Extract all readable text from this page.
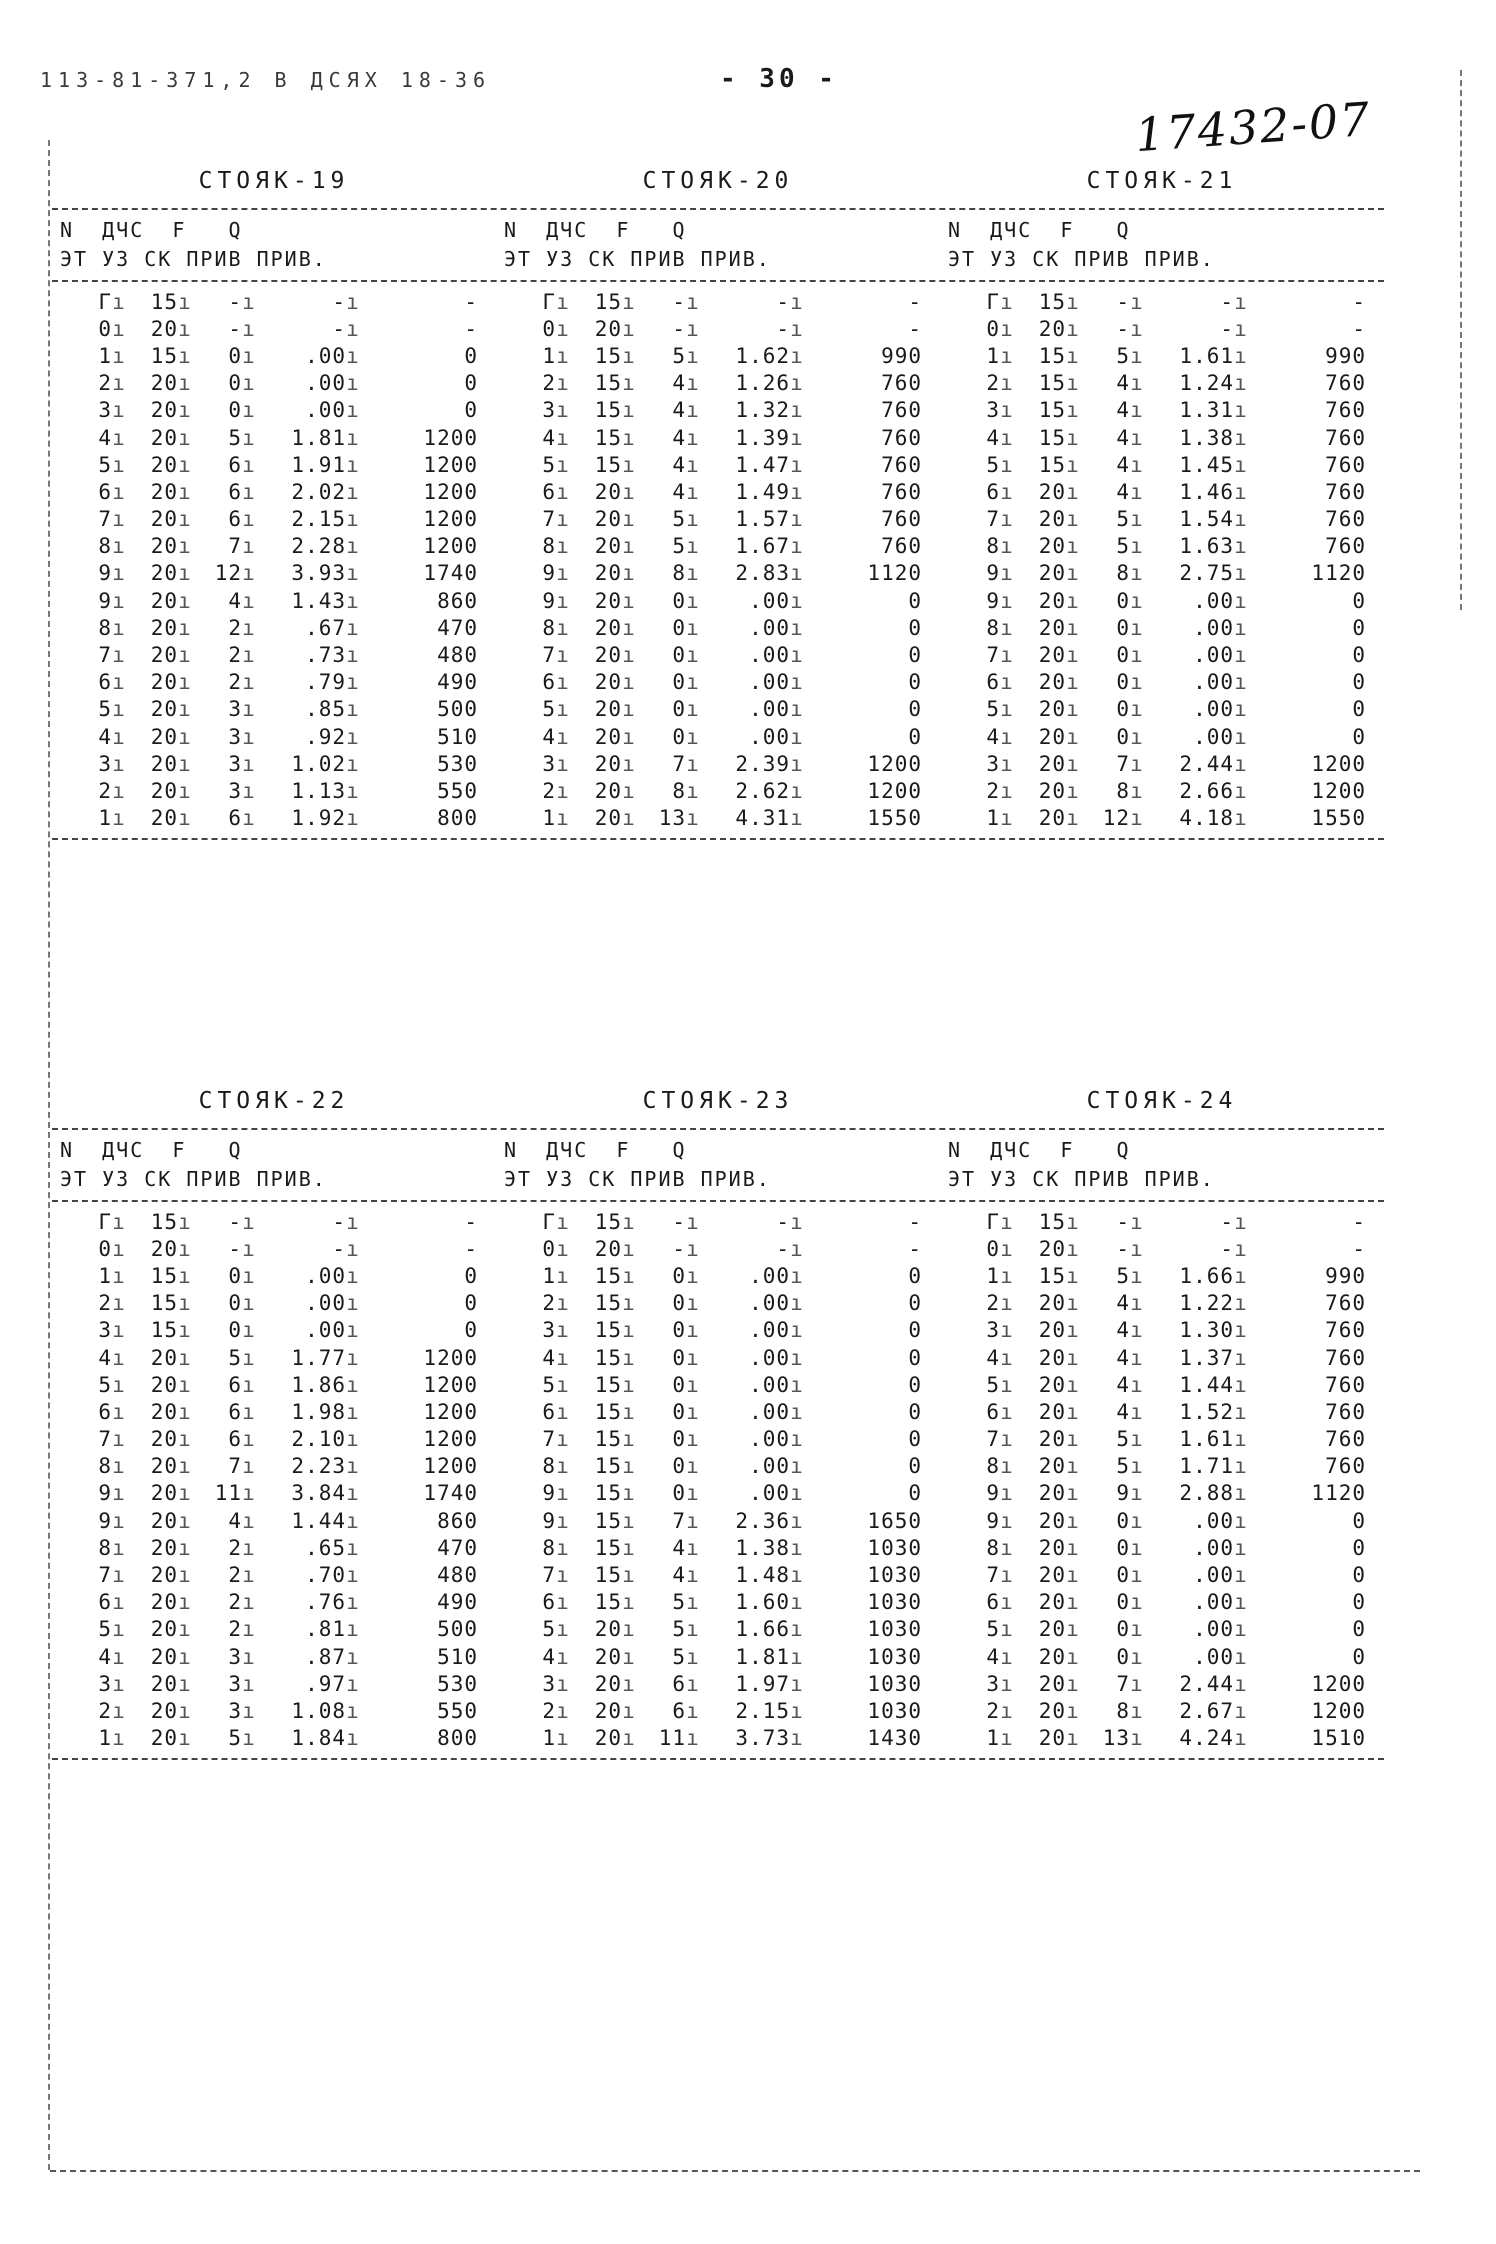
113-81-371,2 В ДСЯХ 18-36	- 30 -
17432-07
СТОЯК-19	СТОЯК-20	СТОЯК-21
N  ДЧС  F   Q
ЭТ УЗ СК ПРИВ ПРИВ.
N  ДЧС  F   Q
ЭТ УЗ СК ПРИВ ПРИВ.
N  ДЧС  F   Q
ЭТ УЗ СК ПРИВ ПРИВ.
Г ı	15 ı	- ı	- ı	-
0 ı	20 ı	- ı	- ı	-
1 ı	15 ı	0 ı	.00 ı	0
2 ı	20 ı	0 ı	.00 ı	0
3 ı	20 ı	0 ı	.00 ı	0
4 ı	20 ı	5 ı	1.81 ı	1200
5 ı	20 ı	6 ı	1.91 ı	1200
6 ı	20 ı	6 ı	2.02 ı	1200
7 ı	20 ı	6 ı	2.15 ı	1200
8 ı	20 ı	7 ı	2.28 ı	1200
9 ı	20 ı	12 ı	3.93 ı	1740
9 ı	20 ı	4 ı	1.43 ı	860
8 ı	20 ı	2 ı	.67 ı	470
7 ı	20 ı	2 ı	.73 ı	480
6 ı	20 ı	2 ı	.79 ı	490
5 ı	20 ı	3 ı	.85 ı	500
4 ı	20 ı	3 ı	.92 ı	510
3 ı	20 ı	3 ı	1.02 ı	530
2 ı	20 ı	3 ı	1.13 ı	550
1 ı	20 ı	6 ı	1.92 ı	800
Г ı	15 ı	- ı	- ı	-
0 ı	20 ı	- ı	- ı	-
1 ı	15 ı	5 ı	1.62 ı	990
2 ı	15 ı	4 ı	1.26 ı	760
3 ı	15 ı	4 ı	1.32 ı	760
4 ı	15 ı	4 ı	1.39 ı	760
5 ı	15 ı	4 ı	1.47 ı	760
6 ı	20 ı	4 ı	1.49 ı	760
7 ı	20 ı	5 ı	1.57 ı	760
8 ı	20 ı	5 ı	1.67 ı	760
9 ı	20 ı	8 ı	2.83 ı	1120
9 ı	20 ı	0 ı	.00 ı	0
8 ı	20 ı	0 ı	.00 ı	0
7 ı	20 ı	0 ı	.00 ı	0
6 ı	20 ı	0 ı	.00 ı	0
5 ı	20 ı	0 ı	.00 ı	0
4 ı	20 ı	0 ı	.00 ı	0
3 ı	20 ı	7 ı	2.39 ı	1200
2 ı	20 ı	8 ı	2.62 ı	1200
1 ı	20 ı	13 ı	4.31 ı	1550
Г ı	15 ı	- ı	- ı	-
0 ı	20 ı	- ı	- ı	-
1 ı	15 ı	5 ı	1.61 ı	990
2 ı	15 ı	4 ı	1.24 ı	760
3 ı	15 ı	4 ı	1.31 ı	760
4 ı	15 ı	4 ı	1.38 ı	760
5 ı	15 ı	4 ı	1.45 ı	760
6 ı	20 ı	4 ı	1.46 ı	760
7 ı	20 ı	5 ı	1.54 ı	760
8 ı	20 ı	5 ı	1.63 ı	760
9 ı	20 ı	8 ı	2.75 ı	1120
9 ı	20 ı	0 ı	.00 ı	0
8 ı	20 ı	0 ı	.00 ı	0
7 ı	20 ı	0 ı	.00 ı	0
6 ı	20 ı	0 ı	.00 ı	0
5 ı	20 ı	0 ı	.00 ı	0
4 ı	20 ı	0 ı	.00 ı	0
3 ı	20 ı	7 ı	2.44 ı	1200
2 ı	20 ı	8 ı	2.66 ı	1200
1 ı	20 ı	12 ı	4.18 ı	1550
СТОЯК-22	СТОЯК-23	СТОЯК-24
N  ДЧС  F   Q
ЭТ УЗ СК ПРИВ ПРИВ.
N  ДЧС  F   Q
ЭТ УЗ СК ПРИВ ПРИВ.
N  ДЧС  F   Q
ЭТ УЗ СК ПРИВ ПРИВ.
Г ı	15 ı	- ı	- ı	-
0 ı	20 ı	- ı	- ı	-
1 ı	15 ı	0 ı	.00 ı	0
2 ı	15 ı	0 ı	.00 ı	0
3 ı	15 ı	0 ı	.00 ı	0
4 ı	20 ı	5 ı	1.77 ı	1200
5 ı	20 ı	6 ı	1.86 ı	1200
6 ı	20 ı	6 ı	1.98 ı	1200
7 ı	20 ı	6 ı	2.10 ı	1200
8 ı	20 ı	7 ı	2.23 ı	1200
9 ı	20 ı	11 ı	3.84 ı	1740
9 ı	20 ı	4 ı	1.44 ı	860
8 ı	20 ı	2 ı	.65 ı	470
7 ı	20 ı	2 ı	.70 ı	480
6 ı	20 ı	2 ı	.76 ı	490
5 ı	20 ı	2 ı	.81 ı	500
4 ı	20 ı	3 ı	.87 ı	510
3 ı	20 ı	3 ı	.97 ı	530
2 ı	20 ı	3 ı	1.08 ı	550
1 ı	20 ı	5 ı	1.84 ı	800
Г ı	15 ı	- ı	- ı	-
0 ı	20 ı	- ı	- ı	-
1 ı	15 ı	0 ı	.00 ı	0
2 ı	15 ı	0 ı	.00 ı	0
3 ı	15 ı	0 ı	.00 ı	0
4 ı	15 ı	0 ı	.00 ı	0
5 ı	15 ı	0 ı	.00 ı	0
6 ı	15 ı	0 ı	.00 ı	0
7 ı	15 ı	0 ı	.00 ı	0
8 ı	15 ı	0 ı	.00 ı	0
9 ı	15 ı	0 ı	.00 ı	0
9 ı	15 ı	7 ı	2.36 ı	1650
8 ı	15 ı	4 ı	1.38 ı	1030
7 ı	15 ı	4 ı	1.48 ı	1030
6 ı	15 ı	5 ı	1.60 ı	1030
5 ı	20 ı	5 ı	1.66 ı	1030
4 ı	20 ı	5 ı	1.81 ı	1030
3 ı	20 ı	6 ı	1.97 ı	1030
2 ı	20 ı	6 ı	2.15 ı	1030
1 ı	20 ı	11 ı	3.73 ı	1430
Г ı	15 ı	- ı	- ı	-
0 ı	20 ı	- ı	- ı	-
1 ı	15 ı	5 ı	1.66 ı	990
2 ı	20 ı	4 ı	1.22 ı	760
3 ı	20 ı	4 ı	1.30 ı	760
4 ı	20 ı	4 ı	1.37 ı	760
5 ı	20 ı	4 ı	1.44 ı	760
6 ı	20 ı	4 ı	1.52 ı	760
7 ı	20 ı	5 ı	1.61 ı	760
8 ı	20 ı	5 ı	1.71 ı	760
9 ı	20 ı	9 ı	2.88 ı	1120
9 ı	20 ı	0 ı	.00 ı	0
8 ı	20 ı	0 ı	.00 ı	0
7 ı	20 ı	0 ı	.00 ı	0
6 ı	20 ı	0 ı	.00 ı	0
5 ı	20 ı	0 ı	.00 ı	0
4 ı	20 ı	0 ı	.00 ı	0
3 ı	20 ı	7 ı	2.44 ı	1200
2 ı	20 ı	8 ı	2.67 ı	1200
1 ı	20 ı	13 ı	4.24 ı	1510
